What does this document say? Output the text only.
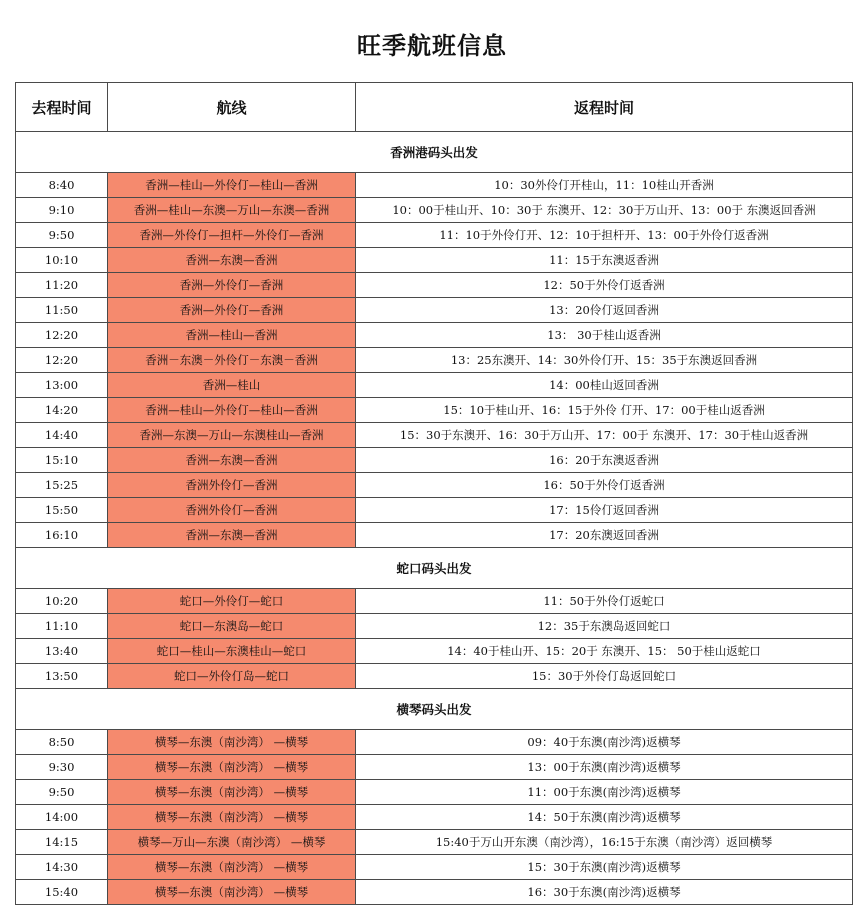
旺季航班信息
去程时间	航线	返程时间
香洲港码头出发		
8:40	香洲—桂山—外伶仃—桂山—香洲	10：30外伶仃开桂山，11：10桂山开香洲
9:10	香洲—桂山—东澳—万山—东澳—香洲	10：00于桂山开、10：30于 东澳开、12：30于万山开、13：00于 东澳返回香洲
9:50	香洲—外伶仃—担杆—外伶仃—香洲	11：10于外伶仃开、12：10于担杆开、13：00于外伶仃返香洲
10:10	香洲—东澳—香洲	11：15于东澳返香洲
11:20	香洲—外伶仃—香洲	12：50于外伶仃返香洲
11:50	香洲—外伶仃—香洲	13：20伶仃返回香洲
12:20	香洲—桂山—香洲	13： 30于桂山返香洲
12:20	香洲－东澳－外伶仃－东澳－香洲	13：25东澳开、14：30外伶仃开、15：35于东澳返回香洲
13:00	香洲—桂山	14：00桂山返回香洲
14:20	香洲—桂山—外伶仃—桂山—香洲	15：10于桂山开、16：15于外伶 仃开、17：00于桂山返香洲
14:40	香洲—东澳—万山—东澳桂山—香洲	15：30于东澳开、16：30于万山开、17：00于 东澳开、17：30于桂山返香洲
15:10	香洲—东澳—香洲	16：20于东澳返香洲
15:25	香洲外伶仃—香洲	16：50于外伶仃返香洲
15:50	香洲外伶仃—香洲	17：15伶仃返回香洲
16:10	香洲—东澳—香洲	17：20东澳返回香洲
蛇口码头出发		
10:20	蛇口—外伶仃—蛇口	11：50于外伶仃返蛇口
11:10	蛇口—东澳岛—蛇口	12：35于东澳岛返回蛇口
13:40	蛇口—桂山—东澳桂山—蛇口	14：40于桂山开、15：20于 东澳开、15： 50于桂山返蛇口
13:50	蛇口—外伶仃岛—蛇口	15：30于外伶仃岛返回蛇口
横琴码头出发		
8:50	横琴—东澳（南沙湾） —横琴	09：40于东澳(南沙湾)返横琴
9:30	横琴—东澳（南沙湾） —横琴	13：00于东澳(南沙湾)返横琴
9:50	横琴—东澳（南沙湾） —横琴	11：00于东澳(南沙湾)返横琴
14:00	横琴—东澳（南沙湾） —横琴	14：50于东澳(南沙湾)返横琴
14:15	横琴—万山—东澳（南沙湾） —横琴	15:40于万山开东澳（南沙湾），16:15于东澳（南沙湾）返回横琴
14:30	横琴—东澳（南沙湾） —横琴	15：30于东澳(南沙湾)返横琴
15:40	横琴—东澳（南沙湾） —横琴	16：30于东澳(南沙湾)返横琴
